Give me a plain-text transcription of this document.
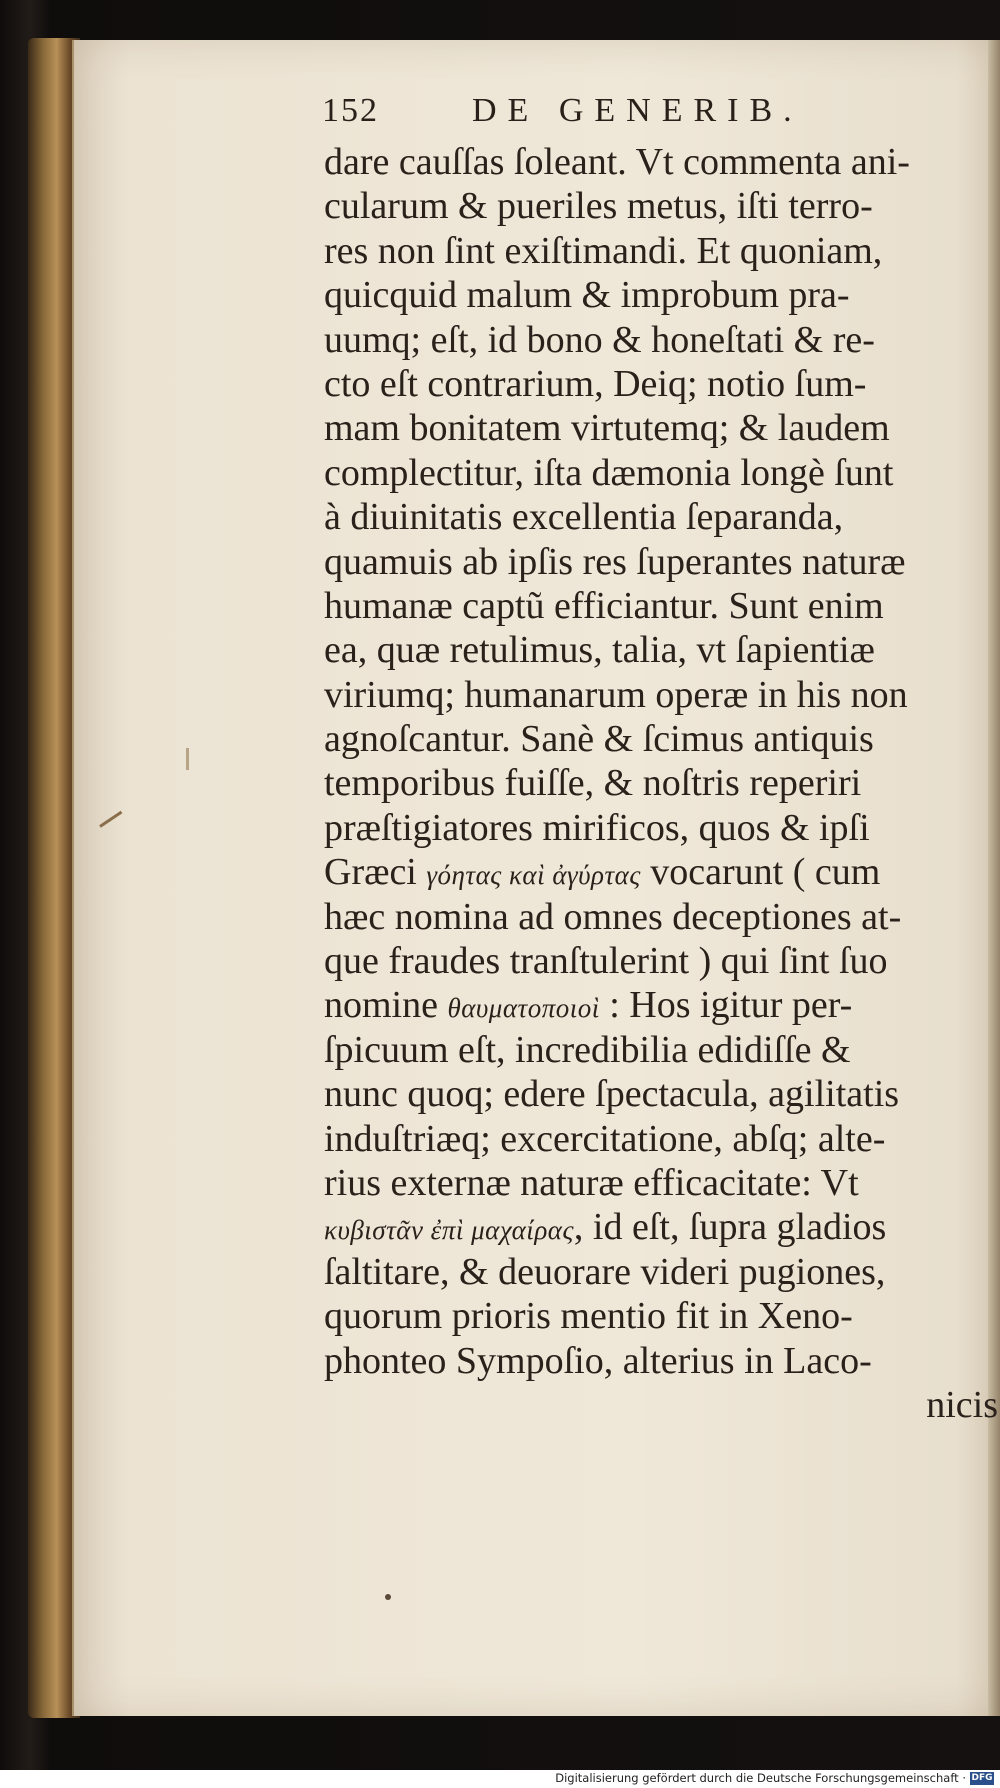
152	DE GENERIB.
dare cauſſas ſoleant. Vt commenta ani-
cularum & pueriles metus, iſti terro-
res non ſint exiſtimandi. Et quoniam,
quicquid malum & improbum pra-
uumq; eſt, id bono & honeſtati & re-
cto eſt contrarium, Deiq; notio ſum-
mam bonitatem virtutemq; & laudem
complectitur, iſta dæmonia longè ſunt
à diuinitatis excellentia ſeparanda,
quamuis ab ipſis res ſuperantes naturæ
humanæ captũ efficiantur. Sunt enim
ea, quæ retulimus, talia, vt ſapientiæ
viriumq; humanarum operæ in his non
agnoſcantur. Sanè & ſcimus antiquis
temporibus fuiſſe, & noſtris reperiri
præſtigiatores mirificos, quos & ipſi
Græci γόητας καὶ ἀγύρτας vocarunt ( cum
hæc nomina ad omnes deceptiones at-
que fraudes tranſtulerint ) qui ſint ſuo
nomine θαυματοποιοὶ : Hos igitur per-
ſpicuum eſt, incredibilia edidiſſe &
nunc quoq; edere ſpectacula, agilitatis
induſtriæq; excercitatione, abſq; alte-
rius externæ naturæ efficacitate: Vt
κυβιστᾶν ἐπὶ μαχαίρας, id eſt, ſupra gladios
ſaltitare, & deuorare videri pugiones,
quorum prioris mentio fit in Xeno-
phonteo Sympoſio, alterius in Laco-
nicis
Digitalisierung gefördert durch die Deutsche Forschungsgemeinschaft · DFG
